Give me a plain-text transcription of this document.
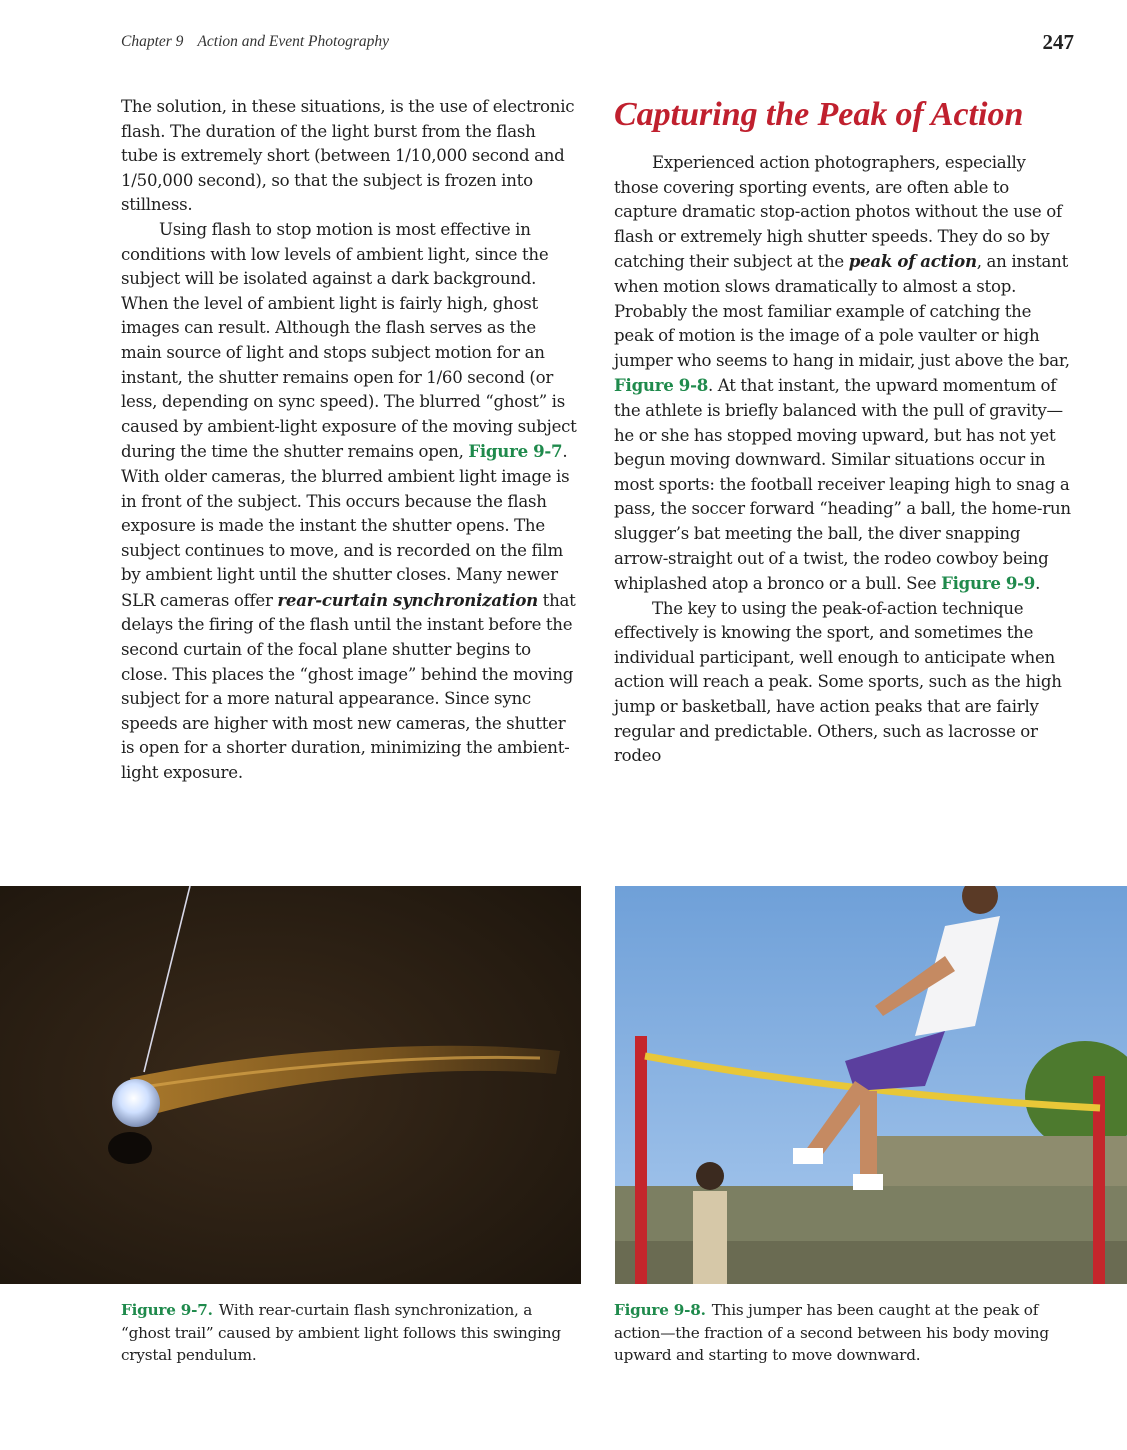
Chapter 9 Action and Event Photography	247

The solution, in these situations, is the use of electronic flash. The duration of the light burst from the flash tube is extremely short (between 1/10,000 second and 1/50,000 second), so that the subject is frozen into stillness.

Using flash to stop motion is most effective in conditions with low levels of ambient light, since the subject will be isolated against a dark background. When the level of ambient light is fairly high, ghost images can result. Although the flash serves as the main source of light and stops subject motion for an instant, the shutter remains open for 1/60 second (or less, depending on sync speed). The blurred “ghost” is caused by ambient-light exposure of the moving subject during the time the shutter remains open, Figure 9-7. With older cameras, the blurred ambient light image is in front of the subject. This occurs because the flash exposure is made the instant the shutter opens. The subject continues to move, and is recorded on the film by ambient light until the shutter closes. Many newer SLR cameras offer rear-curtain synchronization that delays the firing of the flash until the instant before the second curtain of the focal plane shutter begins to close. This places the “ghost image” behind the moving subject for a more natural appearance. Since sync speeds are higher with most new cameras, the shutter is open for a shorter duration, minimizing the ambient-light exposure.

Capturing the Peak of Action

Experienced action photographers, especially those covering sporting events, are often able to capture dramatic stop-action photos without the use of flash or extremely high shutter speeds. They do so by catching their subject at the peak of action, an instant when motion slows dramatically to almost a stop. Probably the most familiar example of catching the peak of motion is the image of a pole vaulter or high jumper who seems to hang in midair, just above the bar, Figure 9-8. At that instant, the upward momentum of the athlete is briefly balanced with the pull of gravity—he or she has stopped moving upward, but has not yet begun moving downward. Similar situations occur in most sports: the football receiver leaping high to snag a pass, the soccer forward “heading” a ball, the home-run slugger’s bat meeting the ball, the diver snapping arrow-straight out of a twist, the rodeo cowboy being whiplashed atop a bronco or a bull. See Figure 9-9.

The key to using the peak-of-action technique effectively is knowing the sport, and sometimes the individual participant, well enough to anticipate when action will reach a peak. Some sports, such as the high jump or basketball, have action peaks that are fairly regular and predictable. Others, such as lacrosse or rodeo

Figure 9-7. With rear-curtain flash synchronization, a “ghost trail” caused by ambient light follows this swinging crystal pendulum.
Figure 9-8. This jumper has been caught at the peak of action—the fraction of a second between his body moving upward and starting to move downward.
